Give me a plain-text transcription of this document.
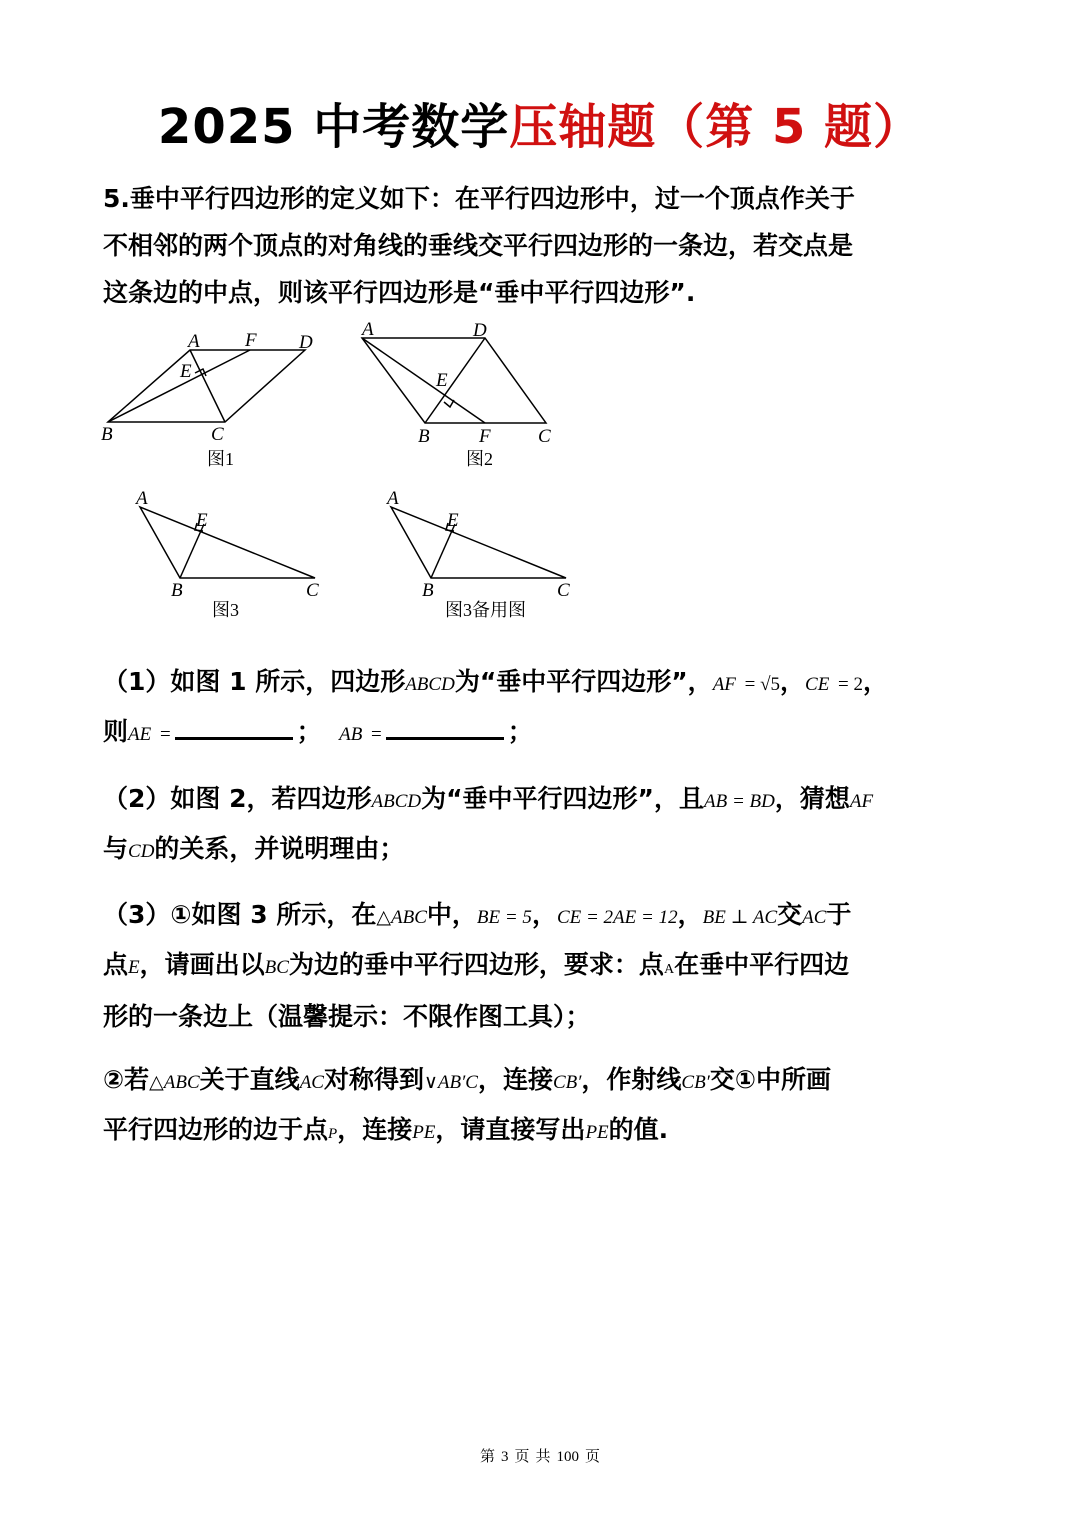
2025 中考数学压轴题（第 5 题）
5.垂中平行四边形的定义如下：在平行四边形中，过一个顶点作关于
不相邻的两个顶点的对角线的垂线交平行四边形的一条边，若交点是
这条边的中点，则该平行四边形是“垂中平行四边形”.
A F D
E
B	C
图1
A	D
E
B	F C
图2
A
E
B	C
图3
A
E
B	C
图3备用图
（1）如图 1 所示，四边形ABCD为“垂中平行四边形”，AF = √5，CE = 2，
则AE =	； AB =	；
（2）如图 2，若四边形ABCD为“垂中平行四边形”，且AB = BD，猜想AF
与CD的关系，并说明理由；
（3）①如图 3 所示，在△ABC中，BE = 5，CE = 2AE = 12，BE ⊥ AC交AC于
点E，请画出以BC为边的垂中平行四边形，要求：点A在垂中平行四边
形的一条边上（温馨提示：不限作图工具）；
②若△ABC关于直线AC对称得到∨AB′C，连接CB′，作射线CB′交①中所画
平行四边形的边于点P，连接PE，请直接写出PE的值.
第 3 页 共 100 页
